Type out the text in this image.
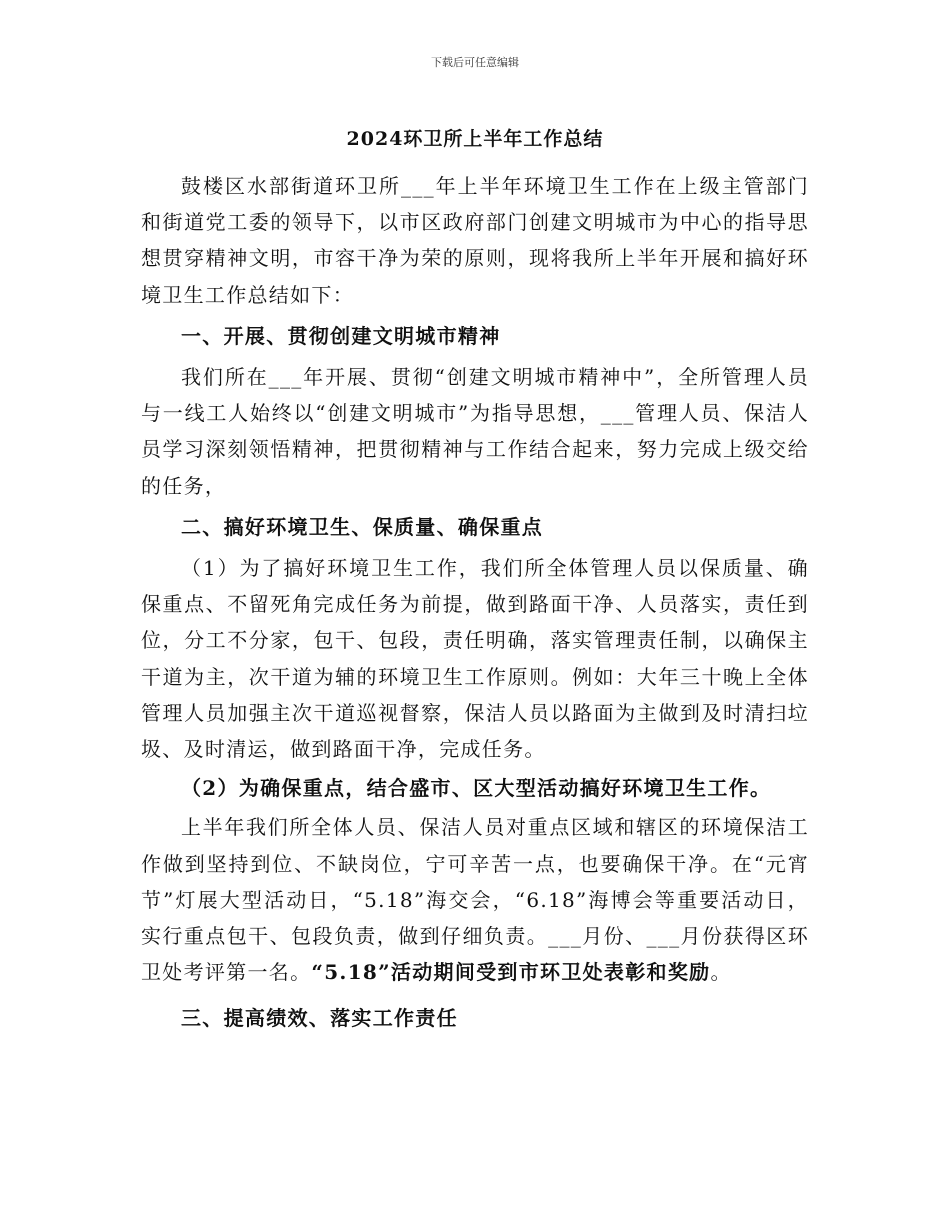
下载后可任意编辑
2024环卫所上半年工作总结

鼓楼区水部街道环卫所___年上半年环境卫生工作在上级主管部门和街道党工委的领导下，以市区政府部门创建文明城市为中心的指导思想贯穿精神文明，市容干净为荣的原则，现将我所上半年开展和搞好环境卫生工作总结如下：

一、开展、贯彻创建文明城市精神

我们所在___年开展、贯彻“创建文明城市精神中”，全所管理人员与一线工人始终以“创建文明城市”为指导思想，___管理人员、保洁人员学习深刻领悟精神，把贯彻精神与工作结合起来，努力完成上级交给的任务，

二、搞好环境卫生、保质量、确保重点

（1）为了搞好环境卫生工作，我们所全体管理人员以保质量、确保重点、不留死角完成任务为前提，做到路面干净、人员落实，责任到位，分工不分家，包干、包段，责任明确，落实管理责任制，以确保主干道为主，次干道为辅的环境卫生工作原则。例如：大年三十晚上全体管理人员加强主次干道巡视督察，保洁人员以路面为主做到及时清扫垃圾、及时清运，做到路面干净，完成任务。

（2）为确保重点，结合盛市、区大型活动搞好环境卫生工作。

上半年我们所全体人员、保洁人员对重点区域和辖区的环境保洁工作做到坚持到位、不缺岗位，宁可辛苦一点，也要确保干净。在“元宵节”灯展大型活动日，“5.18”海交会，“6.18”海博会等重要活动日，实行重点包干、包段负责，做到仔细负责。___月份、___月份获得区环卫处考评第一名。“5.18”活动期间受到市环卫处表彰和奖励。

三、提高绩效、落实工作责任
